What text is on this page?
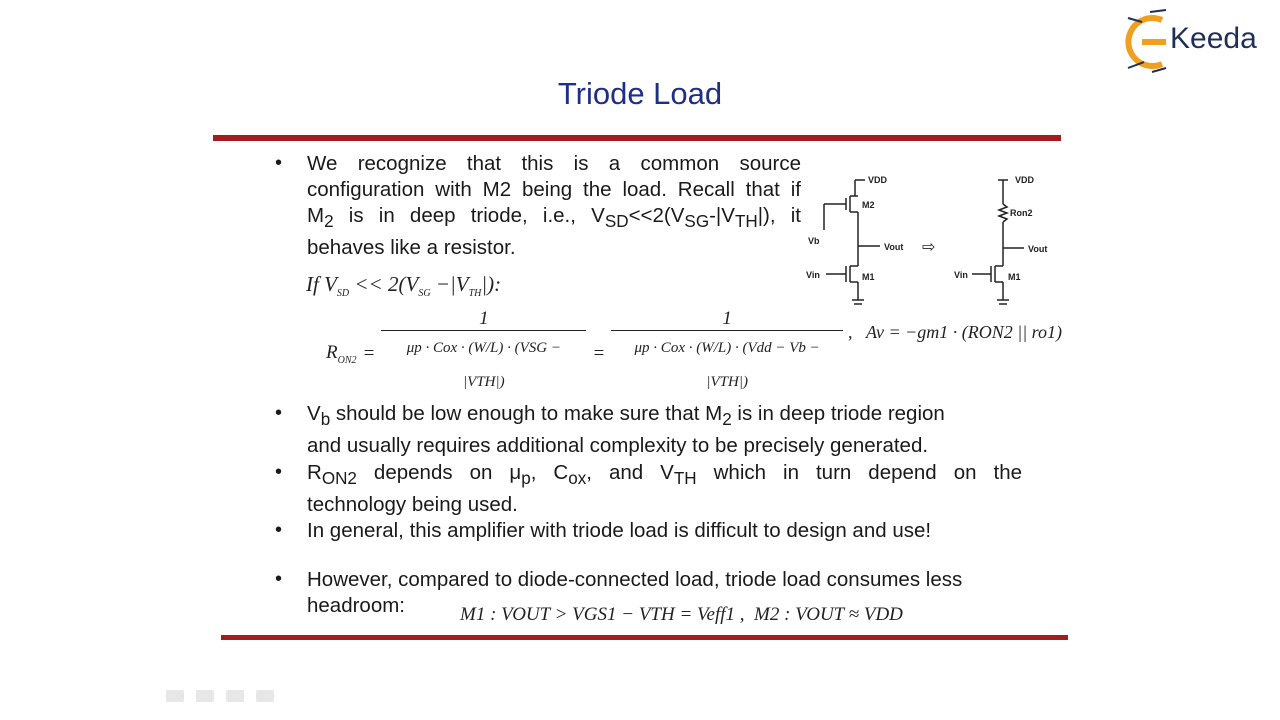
Keeda
Triode Load
• We recognize that this is a common source
configuration with M2 being the load. Recall that if
$M_2$ is in deep triode, i.e., $V_{SD}<<2(V_{SG}-|V_{TH}|)$, it
behaves like a resistor.
If $V_{SD} << 2(V_{SG} -|V_{TH}|)$:
$R_{ON2} = \frac{1}{\text{μp · Cox · (W/L) · (VSG − |VTH|)}} = \frac{1}{\text{μp · Cox · (W/L) · (Vdd − Vb − |VTH|)}}$ ,   Av = −gm1 · (RON2 || ro1)
VDD
M2
Vb
Vout
Vin	M1
⇨
VDD
Ron2
Vout
Vin	M1
• $V_b$ should be low enough to make sure that $M_2$ is in deep triode region
and usually requires additional complexity to be precisely generated.
• $R_{ON2}$ depends on $\mu_p$, $C_{ox}$, and $V_{TH}$ which in turn depend on the
technology being used.
• In general, this amplifier with triode load is difficult to design and use!
• However, compared to diode-connected load, triode load consumes less
headroom:	M1 : VOUT > VGS1 − VTH = Veff1 , M2 : VOUT ≈ VDD
